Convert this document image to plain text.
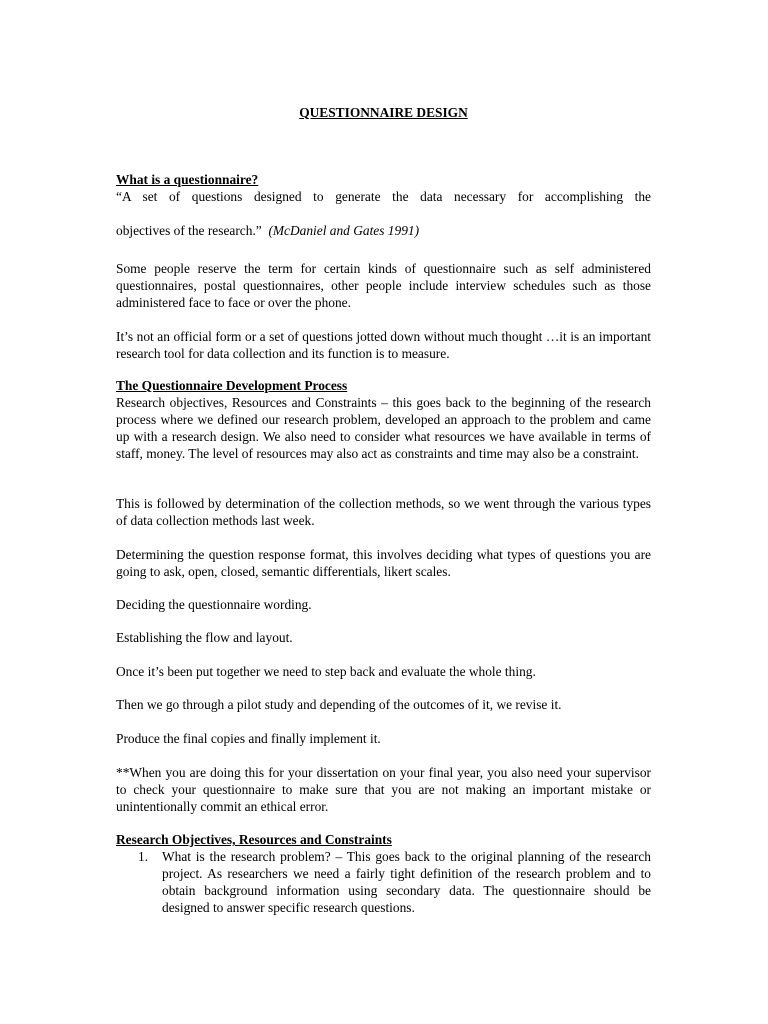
QUESTIONNAIRE DESIGN
What is a questionnaire?
“A set of questions designed to generate the data necessary for accomplishing the
objectives of the research.” (McDaniel and Gates 1991)

Some people reserve the term for certain kinds of questionnaire such as self administered questionnaires, postal questionnaires, other people include interview schedules such as those administered face to face or over the phone.

It’s not an official form or a set of questions jotted down without much thought …it is an important research tool for data collection and its function is to measure.

The Questionnaire Development Process

Research objectives, Resources and Constraints – this goes back to the beginning of the research process where we defined our research problem, developed an approach to the problem and came up with a research design. We also need to consider what resources we have available in terms of staff, money. The level of resources may also act as constraints and time may also be a constraint.

This is followed by determination of the collection methods, so we went through the various types of data collection methods last week.

Determining the question response format, this involves deciding what types of questions you are going to ask, open, closed, semantic differentials, likert scales.

Deciding the questionnaire wording.

Establishing the flow and layout.

Once it’s been put together we need to step back and evaluate the whole thing.

Then we go through a pilot study and depending of the outcomes of it, we revise it.

Produce the final copies and finally implement it.

**When you are doing this for your dissertation on your final year, you also need your supervisor to check your questionnaire to make sure that you are not making an important mistake or unintentionally commit an ethical error.

Research Objectives, Resources and Constraints
1. What is the research problem? – This goes back to the original planning of the research project. As researchers we need a fairly tight definition of the research problem and to obtain background information using secondary data. The questionnaire should be designed to answer specific research questions.
